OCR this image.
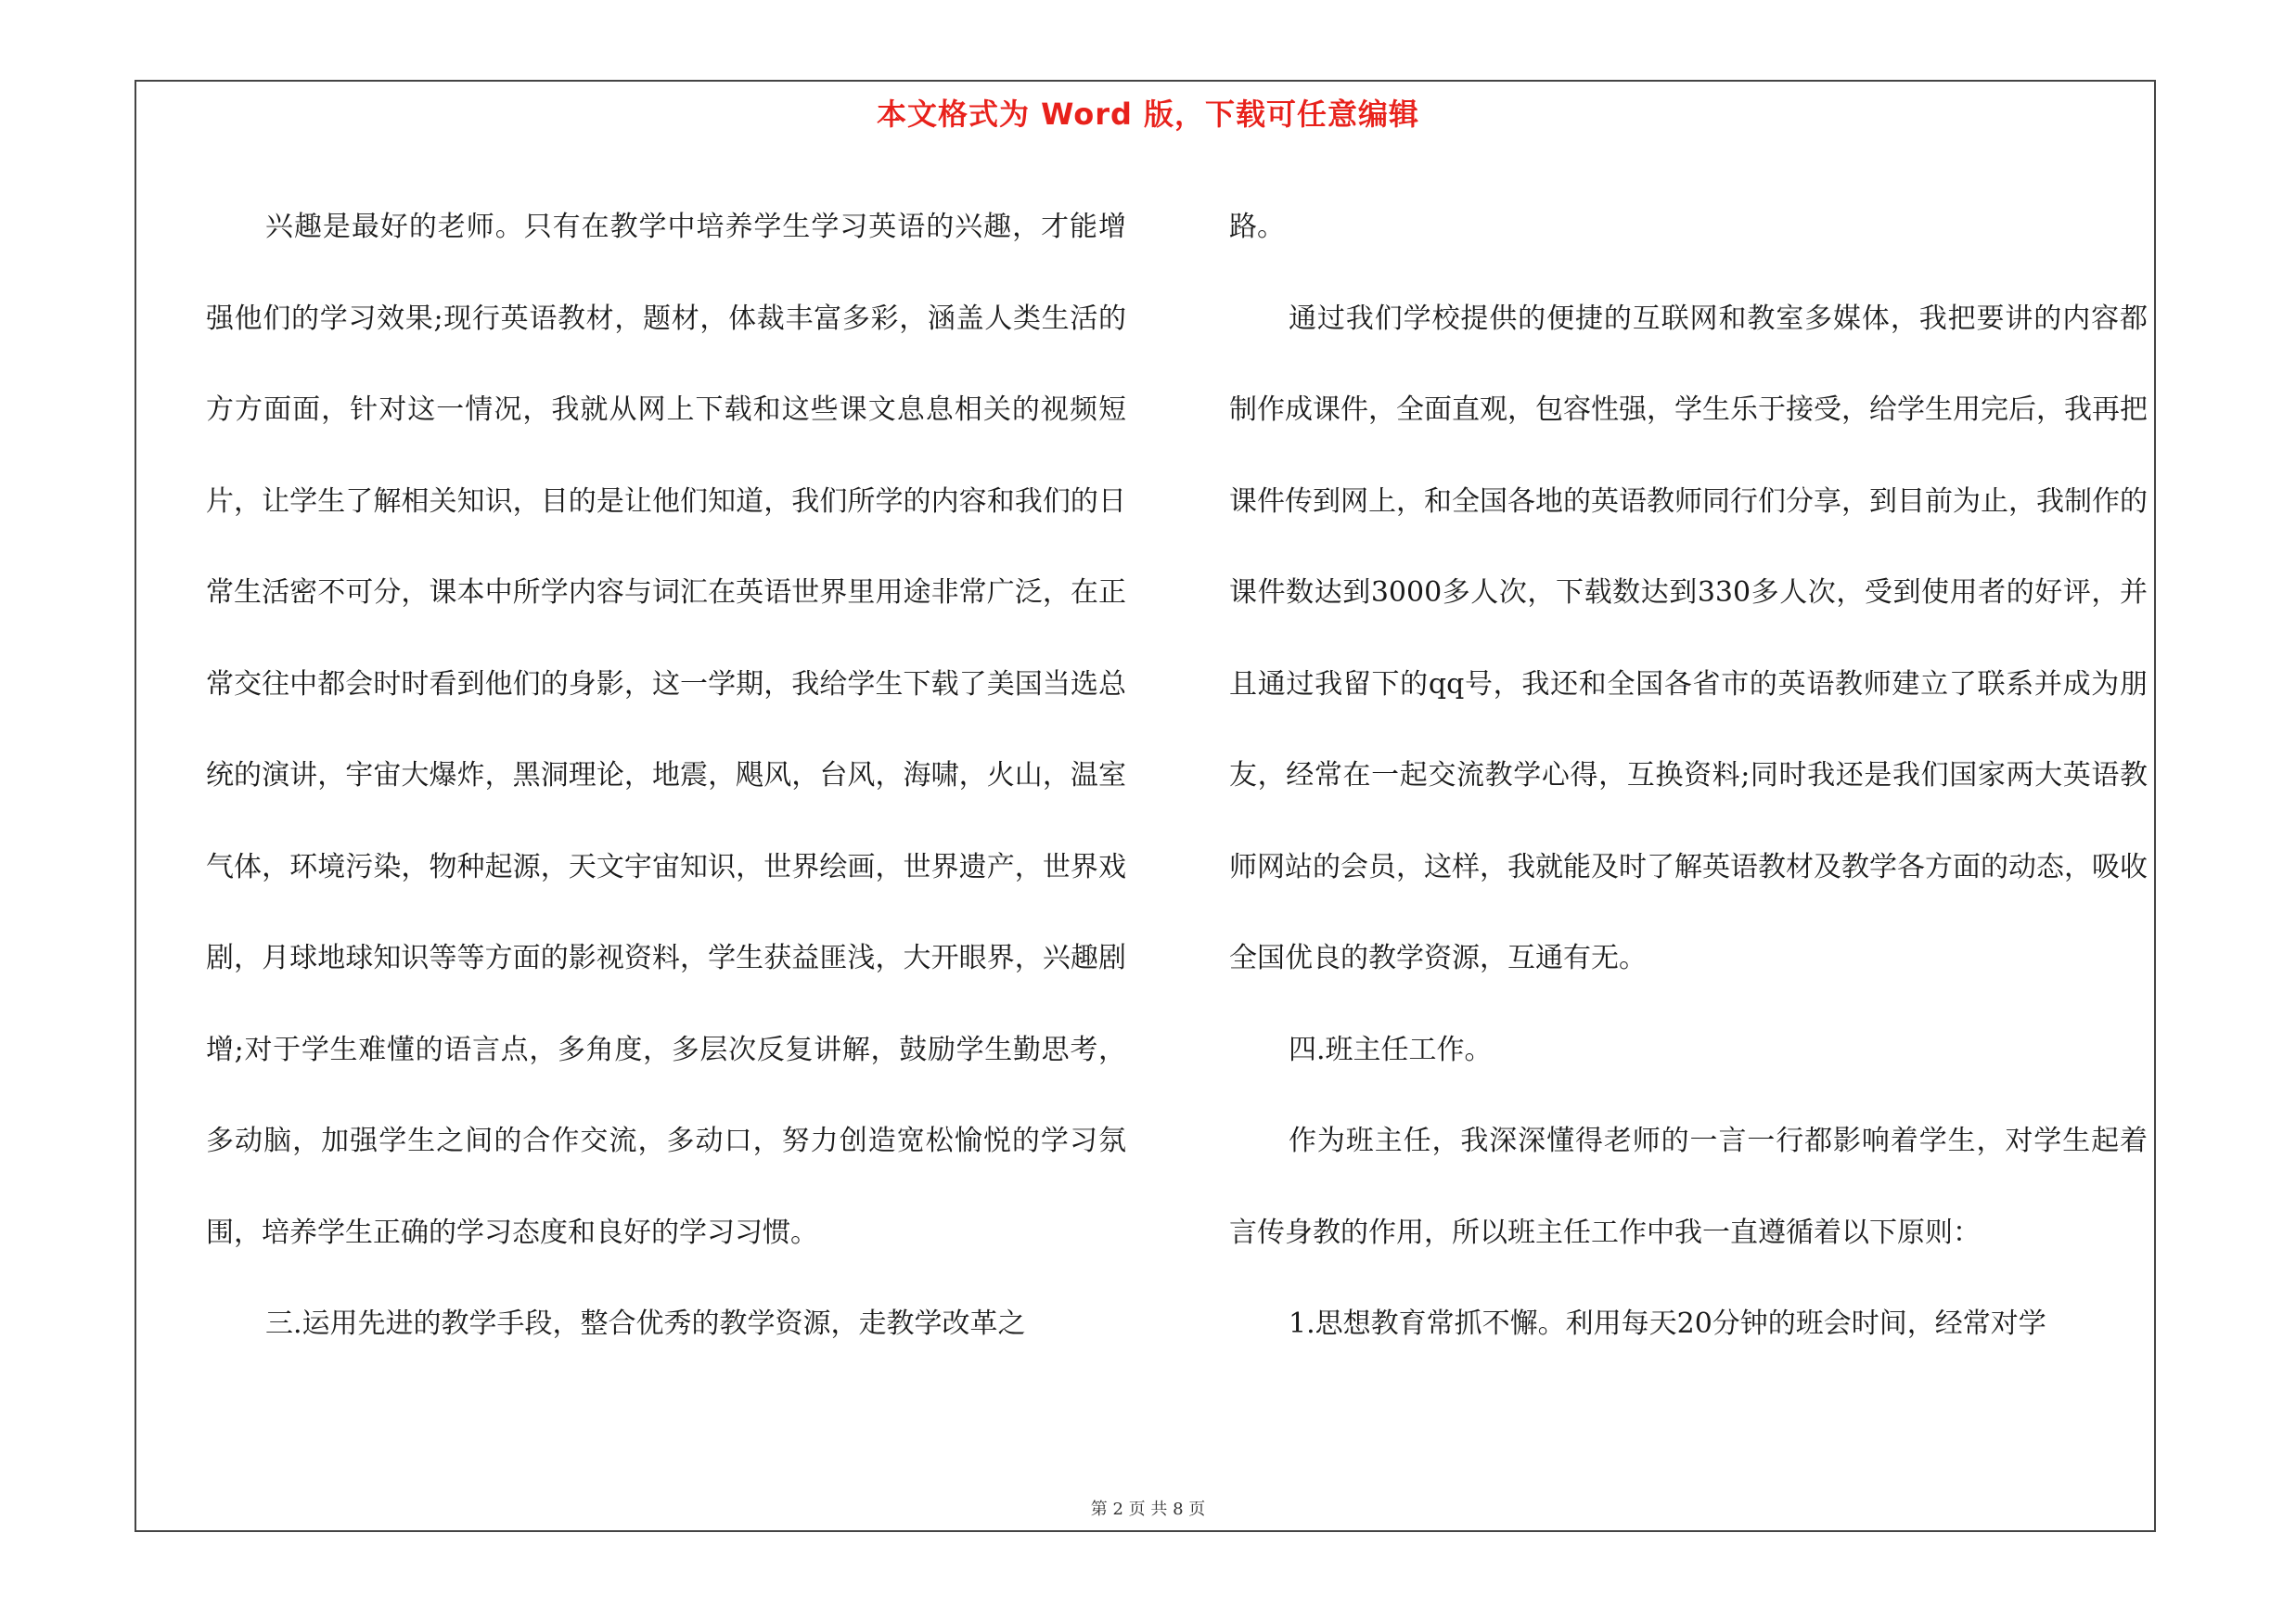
本文格式为 Word 版，下载可任意编辑

兴趣是最好的老师。只有在教学中培养学生学习英语的兴趣，才能增强他们的学习效果;现行英语教材，题材，体裁丰富多彩，涵盖人类生活的方方面面，针对这一情况，我就从网上下载和这些课文息息相关的视频短片，让学生了解相关知识，目的是让他们知道，我们所学的内容和我们的日常生活密不可分，课本中所学内容与词汇在英语世界里用途非常广泛，在正常交往中都会时时看到他们的身影，这一学期，我给学生下载了美国当选总统的演讲，宇宙大爆炸，黑洞理论，地震，飓风，台风，海啸，火山，温室气体，环境污染，物种起源，天文宇宙知识，世界绘画，世界遗产，世界戏剧，月球地球知识等等方面的影视资料，学生获益匪浅，大开眼界，兴趣剧增;对于学生难懂的语言点，多角度，多层次反复讲解，鼓励学生勤思考，多动脑，加强学生之间的合作交流，多动口，努力创造宽松愉悦的学习氛围，培养学生正确的学习态度和良好的学习习惯。

三.运用先进的教学手段，整合优秀的教学资源，走教学改革之

路。

通过我们学校提供的便捷的互联网和教室多媒体，我把要讲的内容都制作成课件，全面直观，包容性强，学生乐于接受，给学生用完后，我再把课件传到网上，和全国各地的英语教师同行们分享，到目前为止，我制作的课件数达到3000多人次，下载数达到330多人次，受到使用者的好评，并且通过我留下的qq号，我还和全国各省市的英语教师建立了联系并成为朋友，经常在一起交流教学心得，互换资料;同时我还是我们国家两大英语教师网站的会员，这样，我就能及时了解英语教材及教学各方面的动态，吸收全国优良的教学资源，互通有无。

四.班主任工作。

作为班主任，我深深懂得老师的一言一行都影响着学生，对学生起着言传身教的作用，所以班主任工作中我一直遵循着以下原则：

1.思想教育常抓不懈。利用每天20分钟的班会时间，经常对学

第 2 页 共 8 页
